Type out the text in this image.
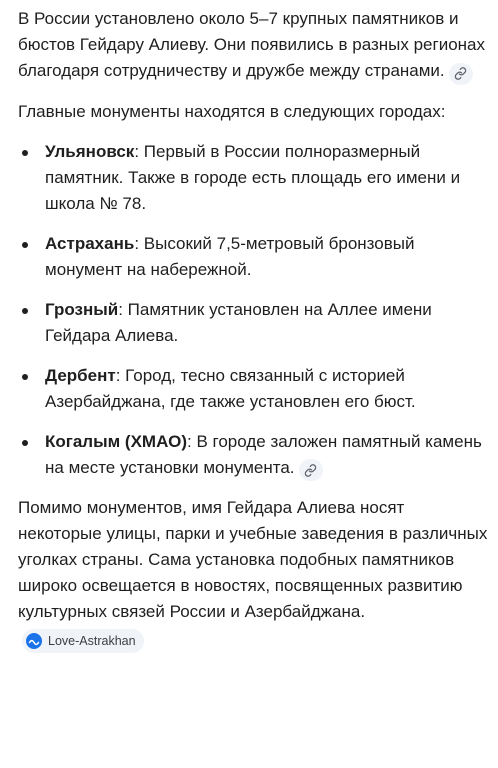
В России установлено около 5–7 крупных памятников и бюстов Гейдару Алиеву. Они появились в разных регионах благодаря сотрудничеству и дружбе между странами.

Главные монументы находятся в следующих городах:

Ульяновск: Первый в России полноразмерный памятник. Также в городе есть площадь его имени и школа № 78.
Астрахань: Высокий 7,5-метровый бронзовый монумент на набережной.
Грозный: Памятник установлен на Аллее имени Гейдара Алиева.
Дербент: Город, тесно связанный с историей Азербайджана, где также установлен его бюст.
Когалым (ХМАО): В городе заложен памятный камень на месте установки монумента.

Помимо монументов, имя Гейдара Алиева носят некоторые улицы, парки и учебные заведения в различных уголках страны. Сама установка подобных памятников широко освещается в новостях, посвященных развитию культурных связей России и Азербайджана.
Love-Astrakhan
